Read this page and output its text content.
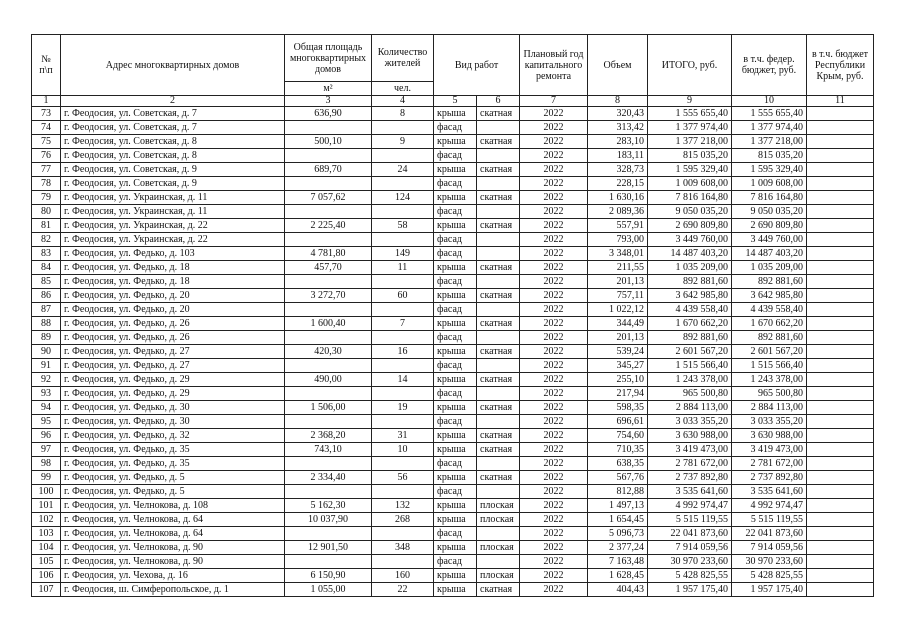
№ п\п	Адрес многоквартирных домов	Общая площадь многоквартирных домов	Количество жителей	Вид работ		Плановый год капитального ремонта	Объем	ИТОГО, руб.	в т.ч. федер. бюджет, руб.	в т.ч. бюджет Республики Крым, руб.
		м²	чел.							
1	2	3	4	5	6	7	8	9	10	11
73	г. Феодосия, ул. Советская, д. 7	636,90	8	крыша	скатная	2022	320,43	1 555 655,40	1 555 655,40	
74	г. Феодосия, ул. Советская, д. 7			фасад		2022	313,42	1 377 974,40	1 377 974,40	
75	г. Феодосия, ул. Советская, д. 8	500,10	9	крыша	скатная	2022	283,10	1 377 218,00	1 377 218,00	
76	г. Феодосия, ул. Советская, д. 8			фасад		2022	183,11	815 035,20	815 035,20	
77	г. Феодосия, ул. Советская, д. 9	689,70	24	крыша	скатная	2022	328,73	1 595 329,40	1 595 329,40	
78	г. Феодосия, ул. Советская, д. 9			фасад		2022	228,15	1 009 608,00	1 009 608,00	
79	г. Феодосия, ул. Украинская, д. 11	7 057,62	124	крыша	скатная	2022	1 630,16	7 816 164,80	7 816 164,80	
80	г. Феодосия, ул. Украинская, д. 11			фасад		2022	2 089,36	9 050 035,20	9 050 035,20	
81	г. Феодосия, ул. Украинская, д. 22	2 225,40	58	крыша	скатная	2022	557,91	2 690 809,80	2 690 809,80	
82	г. Феодосия, ул. Украинская, д. 22			фасад		2022	793,00	3 449 760,00	3 449 760,00	
83	г. Феодосия, ул. Федько, д. 103	4 781,80	149	фасад		2022	3 348,01	14 487 403,20	14 487 403,20	
84	г. Феодосия, ул. Федько, д. 18	457,70	11	крыша	скатная	2022	211,55	1 035 209,00	1 035 209,00	
85	г. Феодосия, ул. Федько, д. 18			фасад		2022	201,13	892 881,60	892 881,60	
86	г. Феодосия, ул. Федько, д. 20	3 272,70	60	крыша	скатная	2022	757,11	3 642 985,80	3 642 985,80	
87	г. Феодосия, ул. Федько, д. 20			фасад		2022	1 022,12	4 439 558,40	4 439 558,40	
88	г. Феодосия, ул. Федько, д. 26	1 600,40	7	крыша	скатная	2022	344,49	1 670 662,20	1 670 662,20	
89	г. Феодосия, ул. Федько, д. 26			фасад		2022	201,13	892 881,60	892 881,60	
90	г. Феодосия, ул. Федько, д. 27	420,30	16	крыша	скатная	2022	539,24	2 601 567,20	2 601 567,20	
91	г. Феодосия, ул. Федько, д. 27			фасад		2022	345,27	1 515 566,40	1 515 566,40	
92	г. Феодосия, ул. Федько, д. 29	490,00	14	крыша	скатная	2022	255,10	1 243 378,00	1 243 378,00	
93	г. Феодосия, ул. Федько, д. 29			фасад		2022	217,94	965 500,80	965 500,80	
94	г. Феодосия, ул. Федько, д. 30	1 506,00	19	крыша	скатная	2022	598,35	2 884 113,00	2 884 113,00	
95	г. Феодосия, ул. Федько, д. 30			фасад		2022	696,61	3 033 355,20	3 033 355,20	
96	г. Феодосия, ул. Федько, д. 32	2 368,20	31	крыша	скатная	2022	754,60	3 630 988,00	3 630 988,00	
97	г. Феодосия, ул. Федько, д. 35	743,10	10	крыша	скатная	2022	710,35	3 419 473,00	3 419 473,00	
98	г. Феодосия, ул. Федько, д. 35			фасад		2022	638,35	2 781 672,00	2 781 672,00	
99	г. Феодосия, ул. Федько, д. 5	2 334,40	56	крыша	скатная	2022	567,76	2 737 892,80	2 737 892,80	
100	г. Феодосия, ул. Федько, д. 5			фасад		2022	812,88	3 535 641,60	3 535 641,60	
101	г. Феодосия, ул. Челнокова, д. 108	5 162,30	132	крыша	плоская	2022	1 497,13	4 992 974,47	4 992 974,47	
102	г. Феодосия, ул. Челнокова, д. 64	10 037,90	268	крыша	плоская	2022	1 654,45	5 515 119,55	5 515 119,55	
103	г. Феодосия, ул. Челнокова, д. 64			фасад		2022	5 096,73	22 041 873,60	22 041 873,60	
104	г. Феодосия, ул. Челнокова, д. 90	12 901,50	348	крыша	плоская	2022	2 377,24	7 914 059,56	7 914 059,56	
105	г. Феодосия, ул. Челнокова, д. 90			фасад		2022	7 163,48	30 970 233,60	30 970 233,60	
106	г. Феодосия, ул. Чехова, д. 16	6 150,90	160	крыша	плоская	2022	1 628,45	5 428 825,55	5 428 825,55	
107	г. Феодосия, ш. Симферопольское, д. 1	1 055,00	22	крыша	скатная	2022	404,43	1 957 175,40	1 957 175,40	
